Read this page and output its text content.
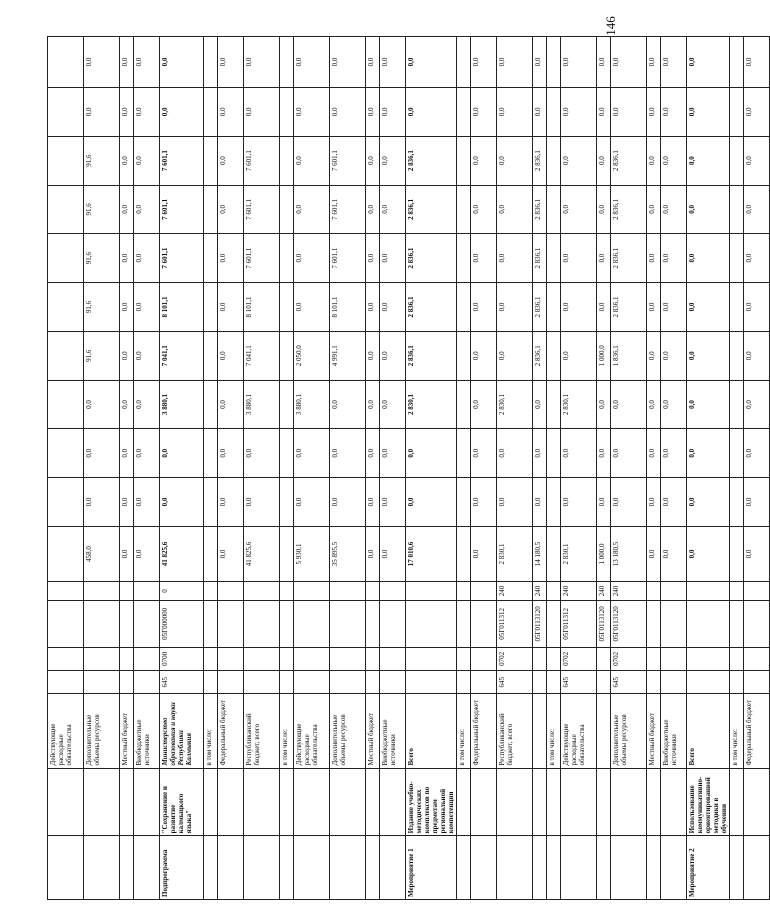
		Действующие расходные обязательства															
		Дополнительные объемы ресурсов					458,0	0,0	0,0	0,0	91,6	91,6	91,6	91,6	91,6	0,0	0,0
		Местный бюджет					0,0	0,0	0,0	0,0	0,0	0,0	0,0	0,0	0,0	0,0	0,0
		Внебюджетные источники					0,0	0,0	0,0	0,0	0,0	0,0	0,0	0,0	0,0	0,0	0,0
Подпрограмма	"Сохранение и развитие калмыцкого языка"	Министерство образования и науки Республики Калмыкия	645	0700	05Г000000	0	41 825,6	0,0	0,0	3 880,1	7 041,1	8 101,1	7 601,1	7 601,1	7 601,1	0,0	0,0
		в том числе:															
		Федеральный бюджет					0,0	0,0	0,0	0,0	0,0	0,0	0,0	0,0	0,0	0,0	0,0
		Республиканский бюджет, всего					41 825,6	0,0	0,0	3 880,1	7 041,1	8 101,1	7 601,1	7 601,1	7 601,1	0,0	0,0
		в том числе:															
		Действующие расходные обязательства					5 930,1	0,0	0,0	3 880,1	2 050,0	0,0	0,0	0,0	0,0	0,0	0,0
		Дополнительные объемы ресурсов					35 895,5	0,0	0,0	0,0	4 991,1	8 101,1	7 601,1	7 601,1	7 601,1	0,0	0,0
		Местный бюджет					0,0	0,0	0,0	0,0	0,0	0,0	0,0	0,0	0,0	0,0	0,0
		Внебюджетные источники					0,0	0,0	0,0	0,0	0,0	0,0	0,0	0,0	0,0	0,0	0,0
Мероприятие 1	Издание учебно-методических комплексов по предметам региональной компетенции	Всего					17 010,6	0,0	0,0	2 830,1	2 836,1	2 836,1	2 836,1	2 836,1	2 836,1	0,0	0,0
		в том числе:															
		Федеральный бюджет					0,0	0,0	0,0	0,0	0,0	0,0	0,0	0,0	0,0	0,0	0,0
		Республиканский бюджет, всего	645	0702	05Г011312	240	2 830,1	0,0	0,0	2 830,1	0,0	0,0	0,0	0,0	0,0	0,0	0,0
					05Г0113120	240	14 180,5	0,0	0,0	0,0	2 836,1	2 836,1	2 836,1	2 836,1	2 836,1	0,0	0,0
		в том числе:															
		Действующие расходные обязательства	645	0702	05Г011312	240	2 830,1	0,0	0,0	2 830,1	0,0	0,0	0,0	0,0	0,0	0,0	0,0
					05Г0113120	240	1 000,0	0,0	0,0	0,0	1 000,0	0,0	0,0	0,0	0,0	0,0	0,0
		Дополнительные объемы ресурсов	645	0702	05Г0113120	240	13 180,5	0,0	0,0	0,0	1 836,1	2 836,1	2 836,1	2 836,1	2 836,1	0,0	0,0
		Местный бюджет					0,0	0,0	0,0	0,0	0,0	0,0	0,0	0,0	0,0	0,0	0,0
		Внебюджетные источники					0,0	0,0	0,0	0,0	0,0	0,0	0,0	0,0	0,0	0,0	0,0
Мероприятие 2	Использование коммуникативно-ориентированной методики в обучении	Всего					0,0	0,0	0,0	0,0	0,0	0,0	0,0	0,0	0,0	0,0	0,0
		в том числе:															
		Федеральный бюджет					0,0	0,0	0,0	0,0	0,0	0,0	0,0	0,0	0,0	0,0	0,0
146
